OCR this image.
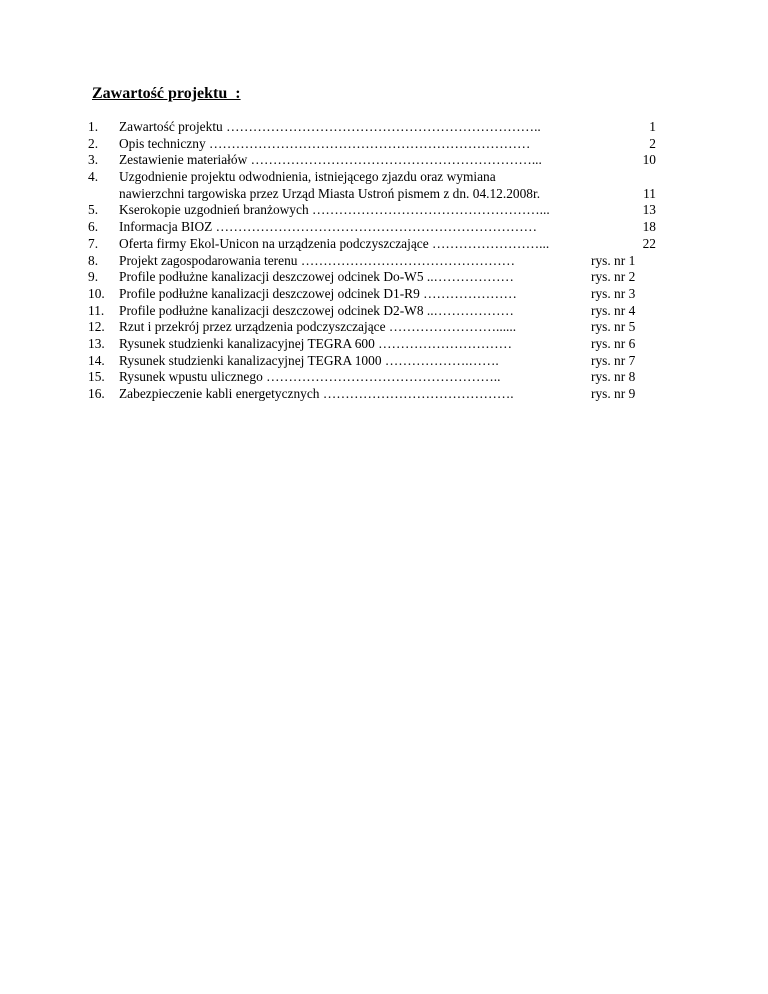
Zawartość projektu  :
1. Zawartość projektu ……………………………………………………………..	1
2. Opis techniczny ………………………………………………………………	2
3. Zestawienie materiałów ………………………………………………………...	10
4. Uzgodnienie projektu odwodnienia, istniejącego zjazdu oraz wymiana
nawierzchni targowiska przez Urząd Miasta Ustroń pismem z dn. 04.12.2008r.	11
5. Kserokopie uzgodnień branżowych ……………………………………………...	13
6. Informacja BIOZ ………………………………………………………………	18
7. Oferta firmy Ekol-Unicon na urządzenia podczyszczające ……………………...	22
8. Projekt zagospodarowania terenu …………………………………………	rys. nr 1
9. Profile podłużne kanalizacji deszczowej odcinek Do-W5 ..………………	rys. nr 2
10. Profile podłużne kanalizacji deszczowej odcinek D1-R9 …………………	rys. nr 3
11. Profile podłużne kanalizacji deszczowej odcinek D2-W8 ..………………	rys. nr 4
12. Rzut i przekrój przez urządzenia podczyszczające ……………………......	rys. nr 5
13. Rysunek studzienki kanalizacyjnej TEGRA 600 …………………………	rys. nr 6
14. Rysunek studzienki kanalizacyjnej TEGRA 1000 ……………….…….	rys. nr 7
15. Rysunek wpustu ulicznego ……………………………………………..	rys. nr 8
16. Zabezpieczenie kabli energetycznych …………………………………….	rys. nr 9
